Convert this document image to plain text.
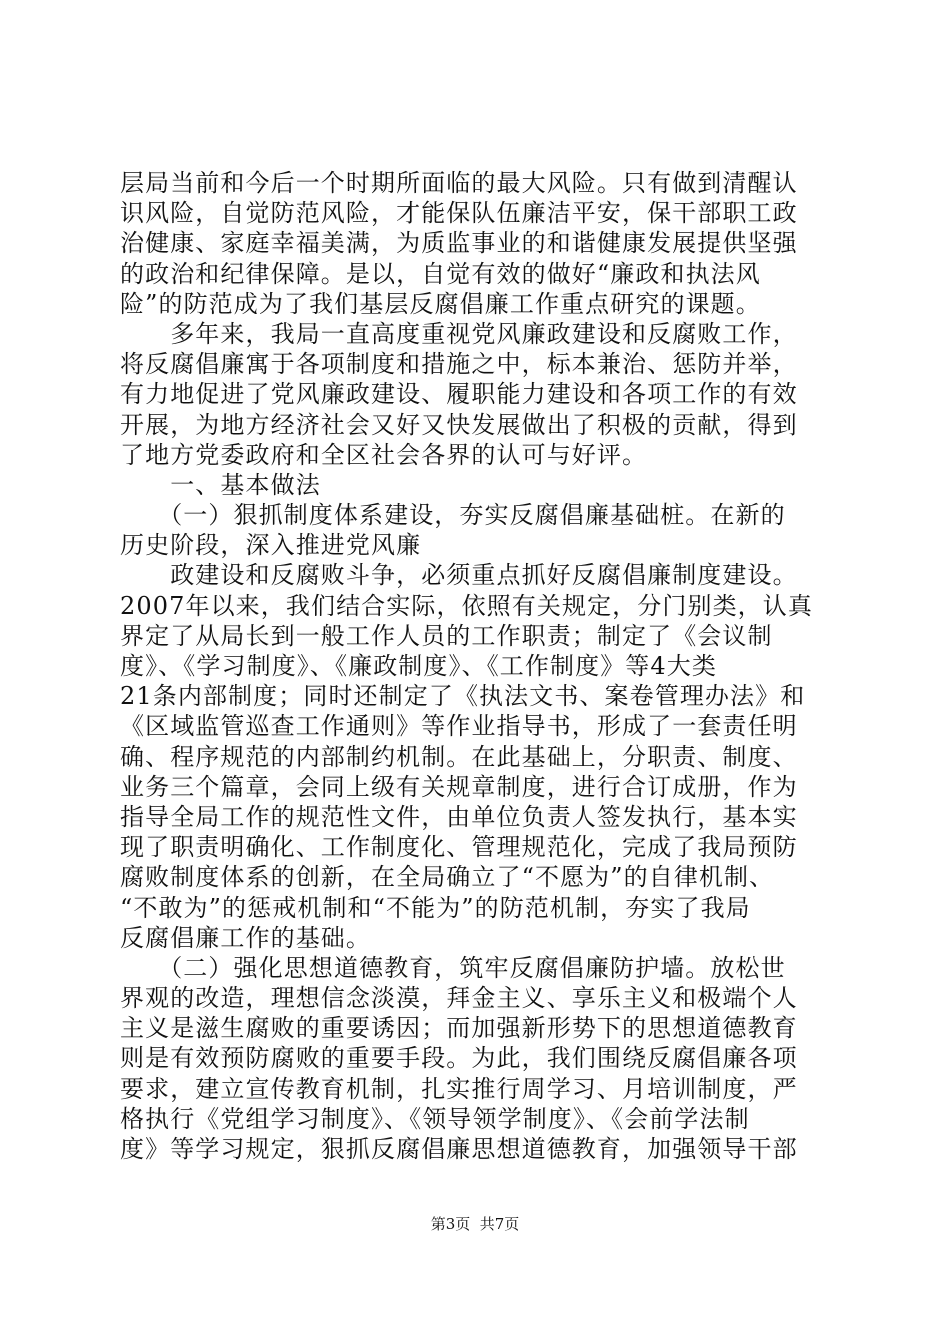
层局当前和今后一个时期所面临的最大风险。只有做到清醒认
识风险，自觉防范风险，才能保队伍廉洁平安，保干部职工政
治健康、家庭幸福美满，为质监事业的和谐健康发展提供坚强
的政治和纪律保障。是以，自觉有效的做好“廉政和执法风
险”的防范成为了我们基层反腐倡廉工作重点研究的课题。
　　多年来，我局一直高度重视党风廉政建设和反腐败工作，
将反腐倡廉寓于各项制度和措施之中，标本兼治、惩防并举，
有力地促进了党风廉政建设、履职能力建设和各项工作的有效
开展，为地方经济社会又好又快发展做出了积极的贡献，得到
了地方党委政府和全区社会各界的认可与好评。
　　一、基本做法
　　（一）狠抓制度体系建设，夯实反腐倡廉基础桩。在新的
历史阶段，深入推进党风廉
　　政建设和反腐败斗争，必须重点抓好反腐倡廉制度建设。
2007年以来，我们结合实际，依照有关规定，分门别类，认真
界定了从局长到一般工作人员的工作职责；制定了《会议制
度》、《学习制度》、《廉政制度》、《工作制度》等4大类
21条内部制度；同时还制定了《执法文书、案卷管理办法》和
《区域监管巡查工作通则》等作业指导书，形成了一套责任明
确、程序规范的内部制约机制。在此基础上，分职责、制度、
业务三个篇章，会同上级有关规章制度，进行合订成册，作为
指导全局工作的规范性文件，由单位负责人签发执行，基本实
现了职责明确化、工作制度化、管理规范化，完成了我局预防
腐败制度体系的创新，在全局确立了“不愿为”的自律机制、
“不敢为”的惩戒机制和“不能为”的防范机制，夯实了我局
反腐倡廉工作的基础。
　　（二）强化思想道德教育，筑牢反腐倡廉防护墙。放松世
界观的改造，理想信念淡漠，拜金主义、享乐主义和极端个人
主义是滋生腐败的重要诱因；而加强新形势下的思想道德教育
则是有效预防腐败的重要手段。为此，我们围绕反腐倡廉各项
要求，建立宣传教育机制，扎实推行周学习、月培训制度，严
格执行《党组学习制度》、《领导领学制度》、《会前学法制
度》等学习规定，狠抓反腐倡廉思想道德教育，加强领导干部
第3页  共7页
